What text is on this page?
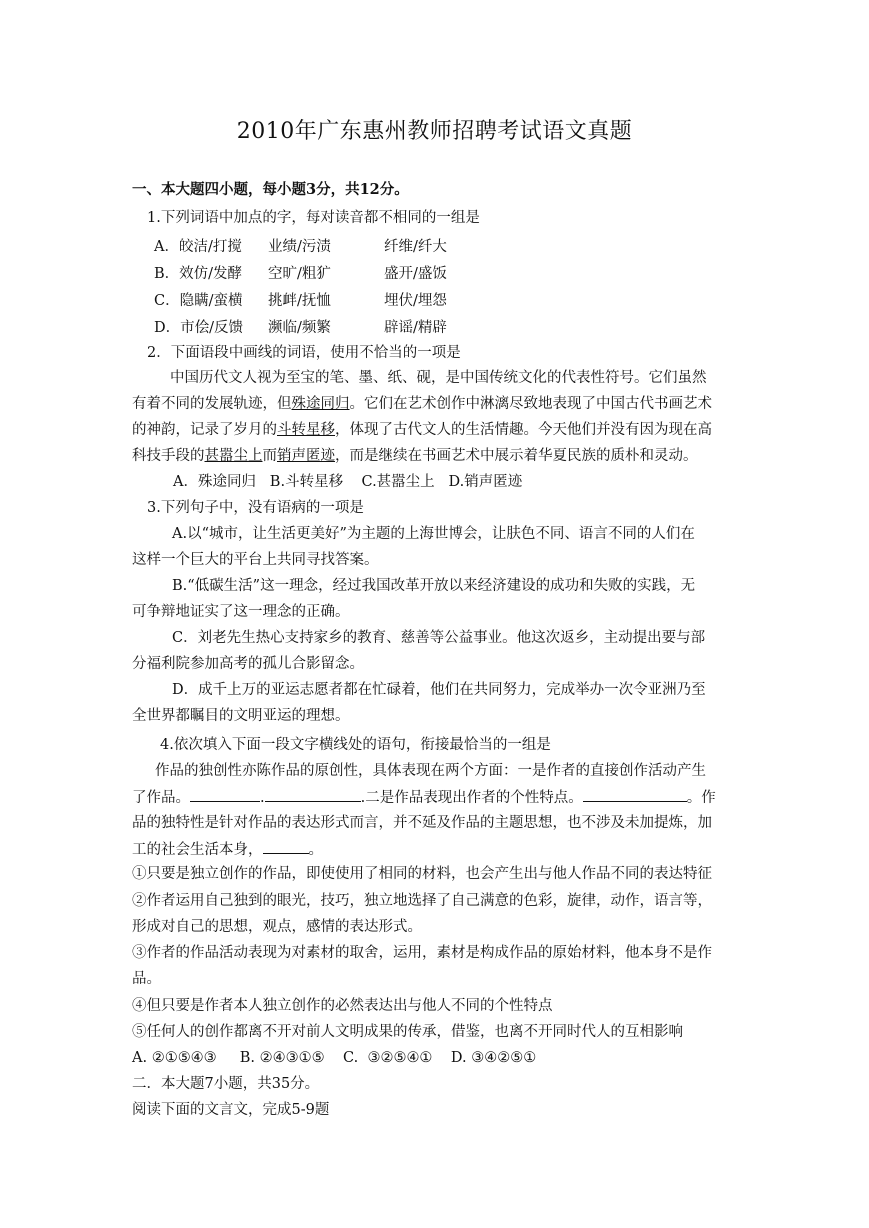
2010年广东惠州教师招聘考试语文真题
一、本大题四小题，每小题3分，共12分。
1.下列词语中加点的字，每对读音都不相同的一组是
A．皎洁/打搅 业绩/污渍	纤维/纤大
B．效仿/发酵 空旷/粗犷	盛开/盛饭
C．隐瞒/蛮横 挑衅/抚恤	埋伏/埋怨
D．市侩/反馈 濒临/频繁	辟谣/精辟
2．下面语段中画线的词语，使用不恰当的一项是
中国历代文人视为至宝的笔、墨、纸、砚，是中国传统文化的代表性符号。它们虽然
有着不同的发展轨迹，但殊途同归。它们在艺术创作中淋漓尽致地表现了中国古代书画艺术
的神韵，记录了岁月的斗转星移，体现了古代文人的生活情趣。今天他们并没有因为现在高
科技手段的甚嚣尘上而销声匿迹，而是继续在书画艺术中展示着华夏民族的质朴和灵动。
A．殊途同归   B.斗转星移    C.甚嚣尘上   D.销声匿迹
3.下列句子中，没有语病的一项是
A.以“城市，让生活更美好”为主题的上海世博会，让肤色不同、语言不同的人们在
这样一个巨大的平台上共同寻找答案。
B.“低碳生活”这一理念，经过我国改革开放以来经济建设的成功和失败的实践，无
可争辩地证实了这一理念的正确。
C．刘老先生热心支持家乡的教育、慈善等公益事业。他这次返乡，主动提出要与部
分福利院参加高考的孤儿合影留念。
D．成千上万的亚运志愿者都在忙碌着，他们在共同努力，完成举办一次令亚洲乃至
全世界都瞩目的文明亚运的理想。
4.依次填入下面一段文字横线处的语句，衔接最恰当的一组是
作品的独创性亦陈作品的原创性，具体表现在两个方面：一是作者的直接创作活动产生
了作品。	.	.二是作品表现出作者的个性特点。	。作
品的独特性是针对作品的表达形式而言，并不延及作品的主题思想，也不涉及未加提炼，加
工的社会生活本身，	。
①只要是独立创作的作品，即使使用了相同的材料，也会产生出与他人作品不同的表达特征
②作者运用自己独到的眼光，技巧，独立地选择了自己满意的色彩，旋律，动作，语言等，
形成对自己的思想，观点，感情的表达形式。
③作者的作品活动表现为对素材的取舍，运用，素材是构成作品的原始材料，他本身不是作
品。
④但只要是作者本人独立创作的必然表达出与他人不同的个性特点
⑤任何人的创作都离不开对前人文明成果的传承，借鉴，也离不开同时代人的互相影响
A. ②①⑤④③     B. ②④③①⑤    C.  ③②⑤④①    D. ③④②⑤①
二．本大题7小题，共35分。
阅读下面的文言文，完成5-9题
